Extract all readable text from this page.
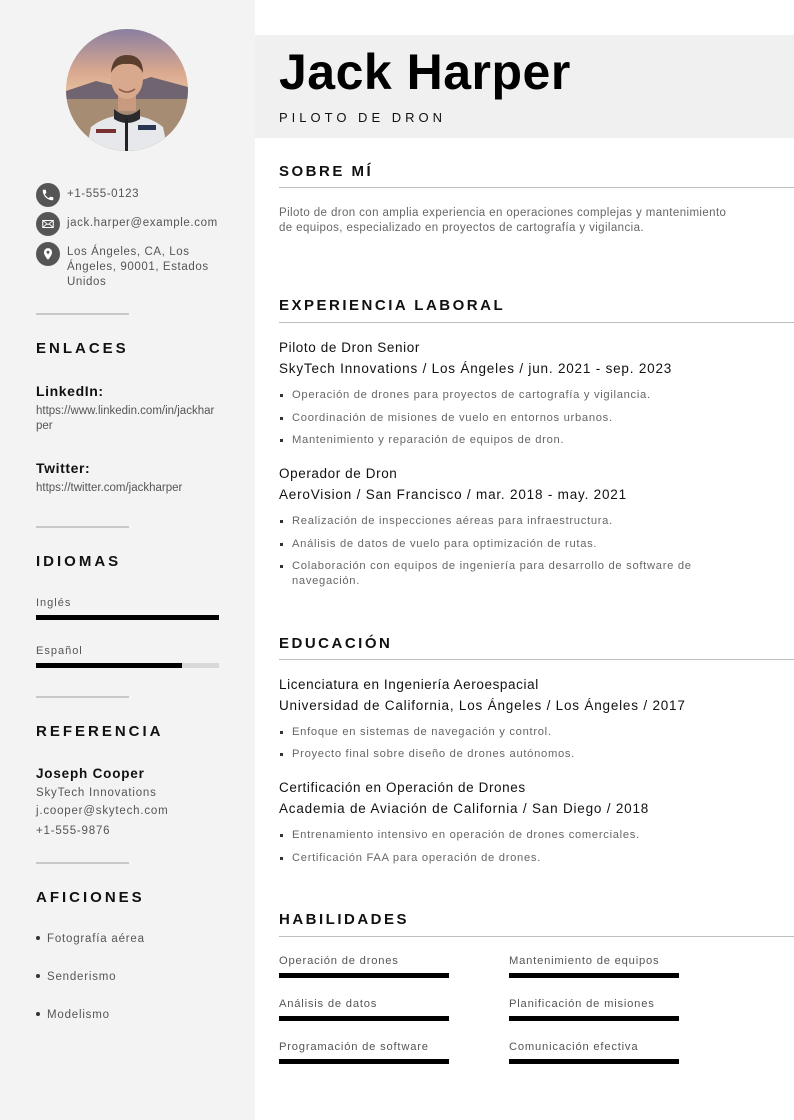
+1-555-0123
jack.harper@example.com
Los Ángeles, CA, Los Ángeles, 90001, Estados Unidos
ENLACES
LinkedIn:
https://www.linkedin.com/in/jackharper
Twitter:
https://twitter.com/jackharper
IDIOMAS
Inglés
Español
REFERENCIA
Joseph Cooper
SkyTech Innovations
j.cooper@skytech.com
+1-555-9876
AFICIONES
Fotografía aérea
Senderismo
Modelismo
Jack Harper
PILOTO DE DRON
SOBRE MÍ
Piloto de dron con amplia experiencia en operaciones complejas y mantenimiento de equipos, especializado en proyectos de cartografía y vigilancia.
EXPERIENCIA LABORAL
Piloto de Dron Senior
SkyTech Innovations / Los Ángeles / jun. 2021 - sep. 2023
Operación de drones para proyectos de cartografía y vigilancia.
Coordinación de misiones de vuelo en entornos urbanos.
Mantenimiento y reparación de equipos de dron.
Operador de Dron
AeroVision / San Francisco / mar. 2018 - may. 2021
Realización de inspecciones aéreas para infraestructura.
Análisis de datos de vuelo para optimización de rutas.
Colaboración con equipos de ingeniería para desarrollo de software de navegación.
EDUCACIÓN
Licenciatura en Ingeniería Aeroespacial
Universidad de California, Los Ángeles / Los Ángeles / 2017
Enfoque en sistemas de navegación y control.
Proyecto final sobre diseño de drones autónomos.
Certificación en Operación de Drones
Academia de Aviación de California / San Diego / 2018
Entrenamiento intensivo en operación de drones comerciales.
Certificación FAA para operación de drones.
HABILIDADES
Operación de drones	Mantenimiento de equipos
Análisis de datos	Planificación de misiones
Programación de software	Comunicación efectiva
